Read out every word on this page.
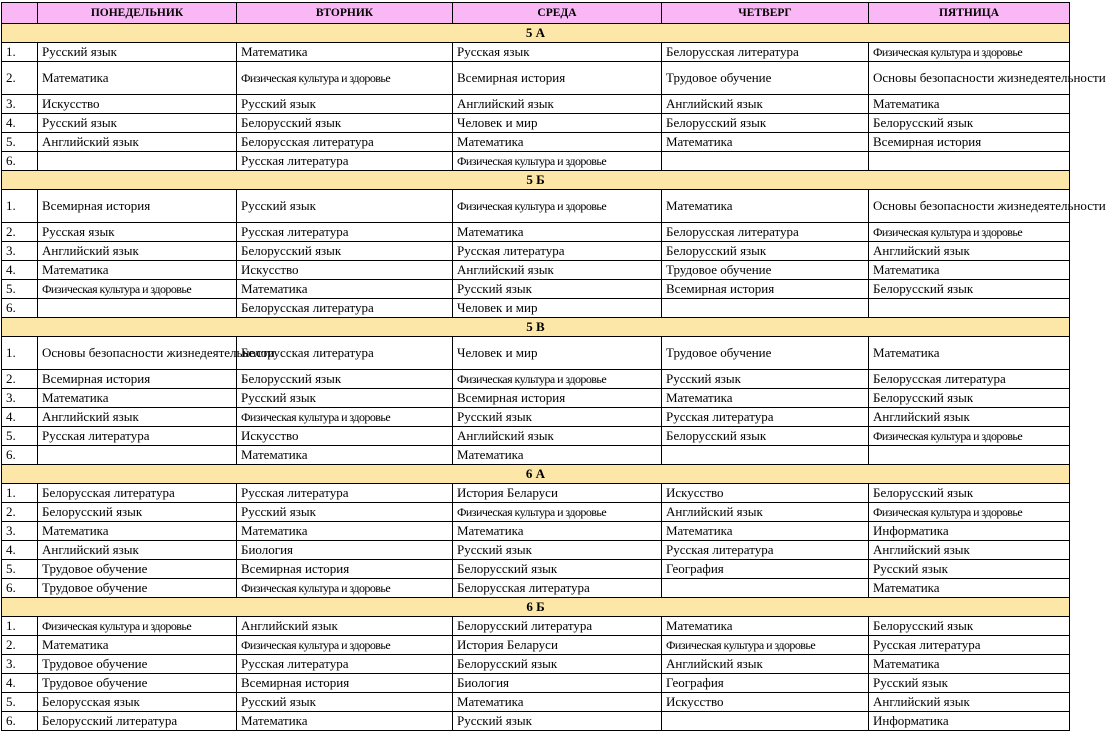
	ПОНЕДЕЛЬНИК	ВТОРНИК	СРЕДА	ЧЕТВЕРГ	ПЯТНИЦА
5 А					
1.	Русский язык	Математика	Русская язык	Белорусская литература	Физическая культура и здоровье
2.	Математика	Физическая культура и здоровье	Всемирная история	Трудовое обучение	Основы безопасности жизнедеятельности
3.	Искусство	Русский язык	Английский язык	Английский язык	Математика
4.	Русский язык	Белорусский язык	Человек и мир	Белорусский язык	Белорусский язык
5.	Английский язык	Белорусская литература	Математика	Математика	Всемирная история
6.		Русская литература	Физическая культура и здоровье		
5 Б					
1.	Всемирная история	Русский язык	Физическая культура и здоровье	Математика	Основы безопасности жизнедеятельности
2.	Русская язык	Русская литература	Математика	Белорусская литература	Физическая культура и здоровье
3.	Английский язык	Белорусский язык	Русская литература	Белорусский язык	Английский язык
4.	Математика	Искусство	Английский язык	Трудовое обучение	Математика
5.	Физическая культура и здоровье	Математика	Русский язык	Всемирная история	Белорусский язык
6.		Белорусская литература	Человек и мир		
5 В					
1.	Основы безопасности жизнедеятельности	Белорусская литература	Человек и мир	Трудовое обучение	Математика
2.	Всемирная история	Белорусский язык	Физическая культура и здоровье	Русский язык	Белорусская литература
3.	Математика	Русский язык	Всемирная история	Математика	Белорусский язык
4.	Английский язык	Физическая культура и здоровье	Русский язык	Русская литература	Английский язык
5.	Русская литература	Искусство	Английский язык	Белорусский язык	Физическая культура и здоровье
6.		Математика	Математика		
6 А					
1.	Белорусская литература	Русская литература	История Беларуси	Искусство	Белорусский язык
2.	Белорусский язык	Русский язык	Физическая культура и здоровье	Английский язык	Физическая культура и здоровье
3.	Математика	Математика	Математика	Математика	Информатика
4.	Английский язык	Биология	Русский язык	Русская литература	Английский язык
5.	Трудовое обучение	Всемирная история	Белорусский язык	География	Русский язык
6.	Трудовое обучение	Физическая культура и здоровье	Белорусская литература		Математика
6 Б					
1.	Физическая культура и здоровье	Английский язык	Белорусский литература	Математика	Белорусский язык
2.	Математика	Физическая культура и здоровье	История Беларуси	Физическая культура и здоровье	Русская литература
3.	Трудовое обучение	Русская литература	Белорусский язык	Английский язык	Математика
4.	Трудовое обучение	Всемирная история	Биология	География	Русский язык
5.	Белорусская язык	Русский язык	Математика	Искусство	Английский язык
6.	Белорусский литература	Математика	Русский язык		Информатика
